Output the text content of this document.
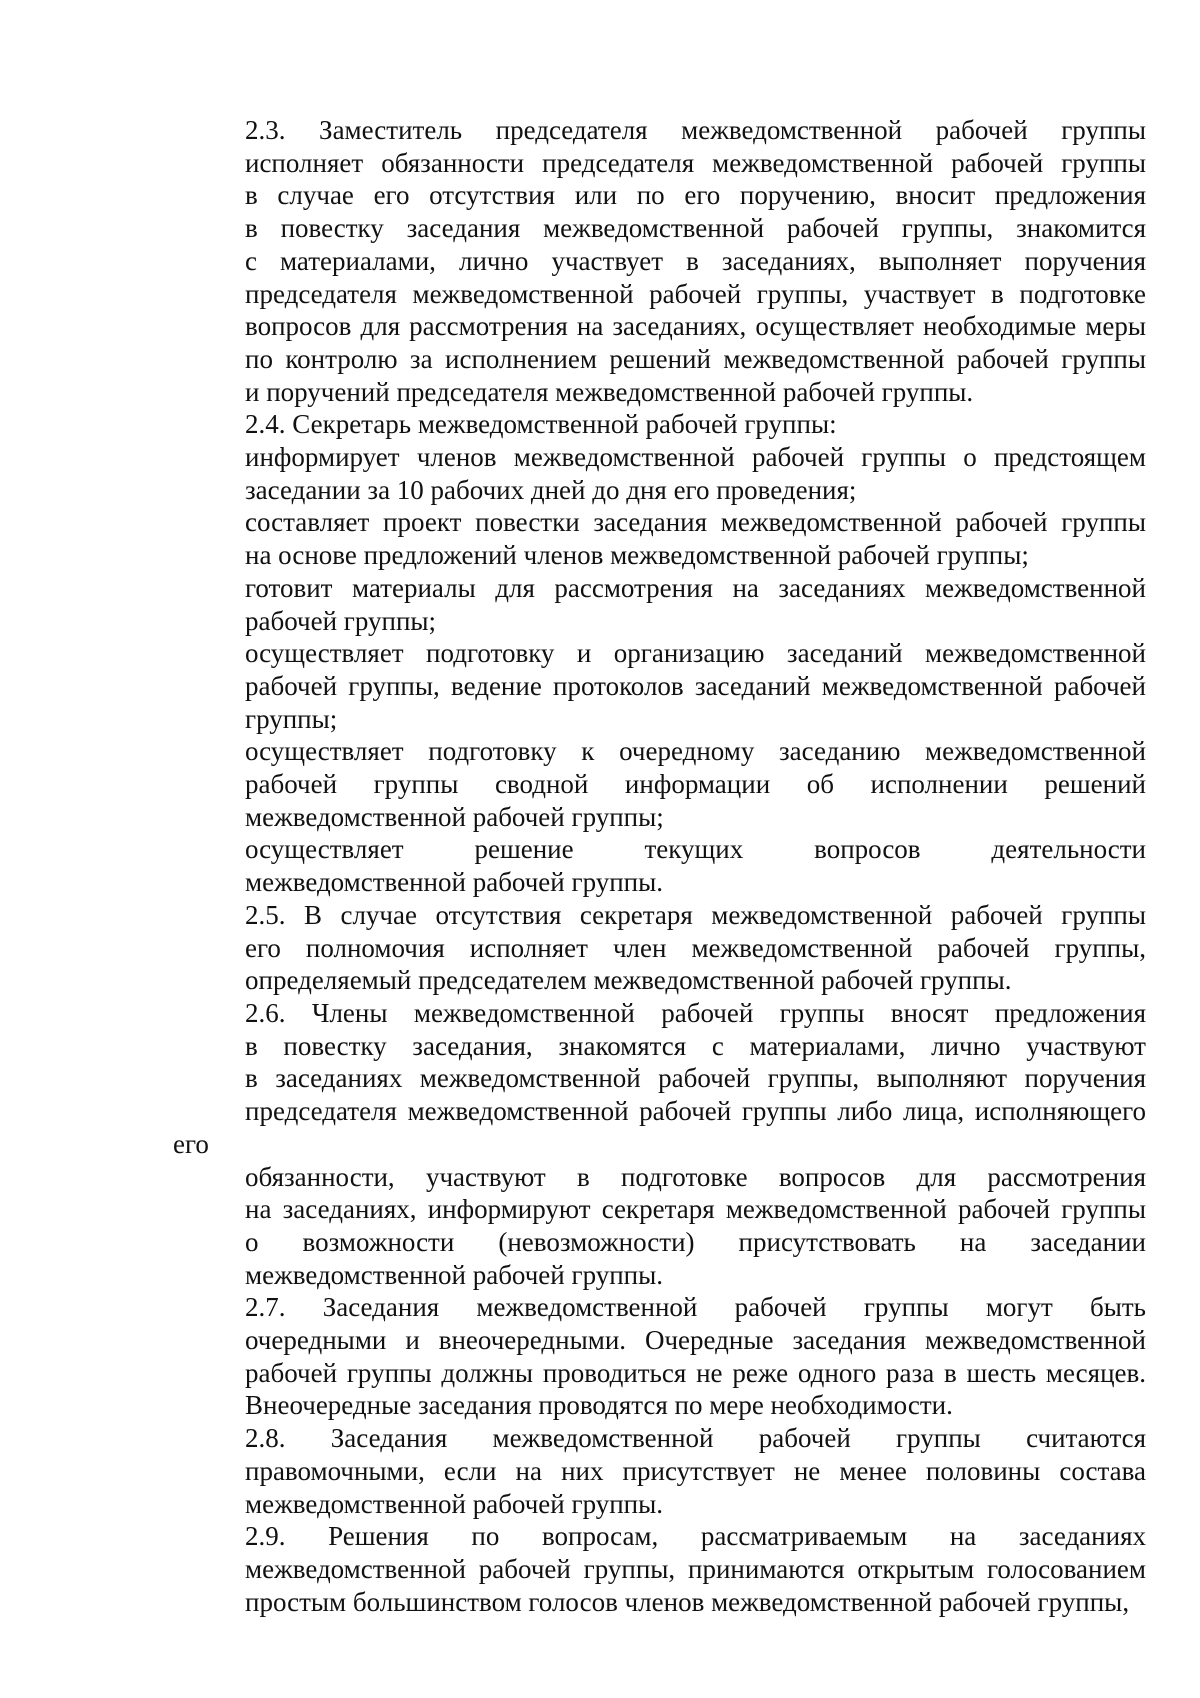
2.3. Заместитель председателя межведомственной рабочей группы
исполняет обязанности председателя межведомственной рабочей группы
в случае его отсутствия или по его поручению, вносит предложения
в повестку заседания межведомственной рабочей группы, знакомится
с материалами, лично участвует в заседаниях, выполняет поручения
председателя межведомственной рабочей группы, участвует в подготовке
вопросов для рассмотрения на заседаниях, осуществляет необходимые меры
по контролю за исполнением решений межведомственной рабочей группы
и поручений председателя межведомственной рабочей группы.

2.4. Секретарь межведомственной рабочей группы:

информирует членов межведомственной рабочей группы о предстоящем
заседании за 10 рабочих дней до дня его проведения;

составляет проект повестки заседания межведомственной рабочей группы
на основе предложений членов межведомственной рабочей группы;

готовит материалы для рассмотрения на заседаниях межведомственной
рабочей группы;

осуществляет подготовку и организацию заседаний межведомственной
рабочей группы, ведение протоколов заседаний межведомственной рабочей
группы;

осуществляет подготовку к очередному заседанию межведомственной
рабочей группы сводной информации об исполнении решений
межведомственной рабочей группы;

осуществляет решение текущих вопросов деятельности
межведомственной рабочей группы.

2.5. В случае отсутствия секретаря межведомственной рабочей группы
его полномочия исполняет член межведомственной рабочей группы,
определяемый председателем межведомственной рабочей группы.

2.6. Члены межведомственной рабочей группы вносят предложения
в повестку заседания, знакомятся с материалами, лично участвуют
в заседаниях межведомственной рабочей группы, выполняют поручения
председателя межведомственной рабочей группы либо лица, исполняющего его
обязанности, участвуют в подготовке вопросов для рассмотрения
на заседаниях, информируют секретаря межведомственной рабочей группы
о возможности (невозможности) присутствовать на заседании
межведомственной рабочей группы.

2.7. Заседания межведомственной рабочей группы могут быть
очередными и внеочередными. Очередные заседания межведомственной
рабочей группы должны проводиться не реже одного раза в шесть месяцев.
Внеочередные заседания проводятся по мере необходимости.

2.8. Заседания межведомственной рабочей группы считаются
правомочными, если на них присутствует не менее половины состава
межведомственной рабочей группы.

2.9. Решения по вопросам, рассматриваемым на заседаниях
межведомственной рабочей группы, принимаются открытым голосованием
простым большинством голосов членов межведомственной рабочей группы,
